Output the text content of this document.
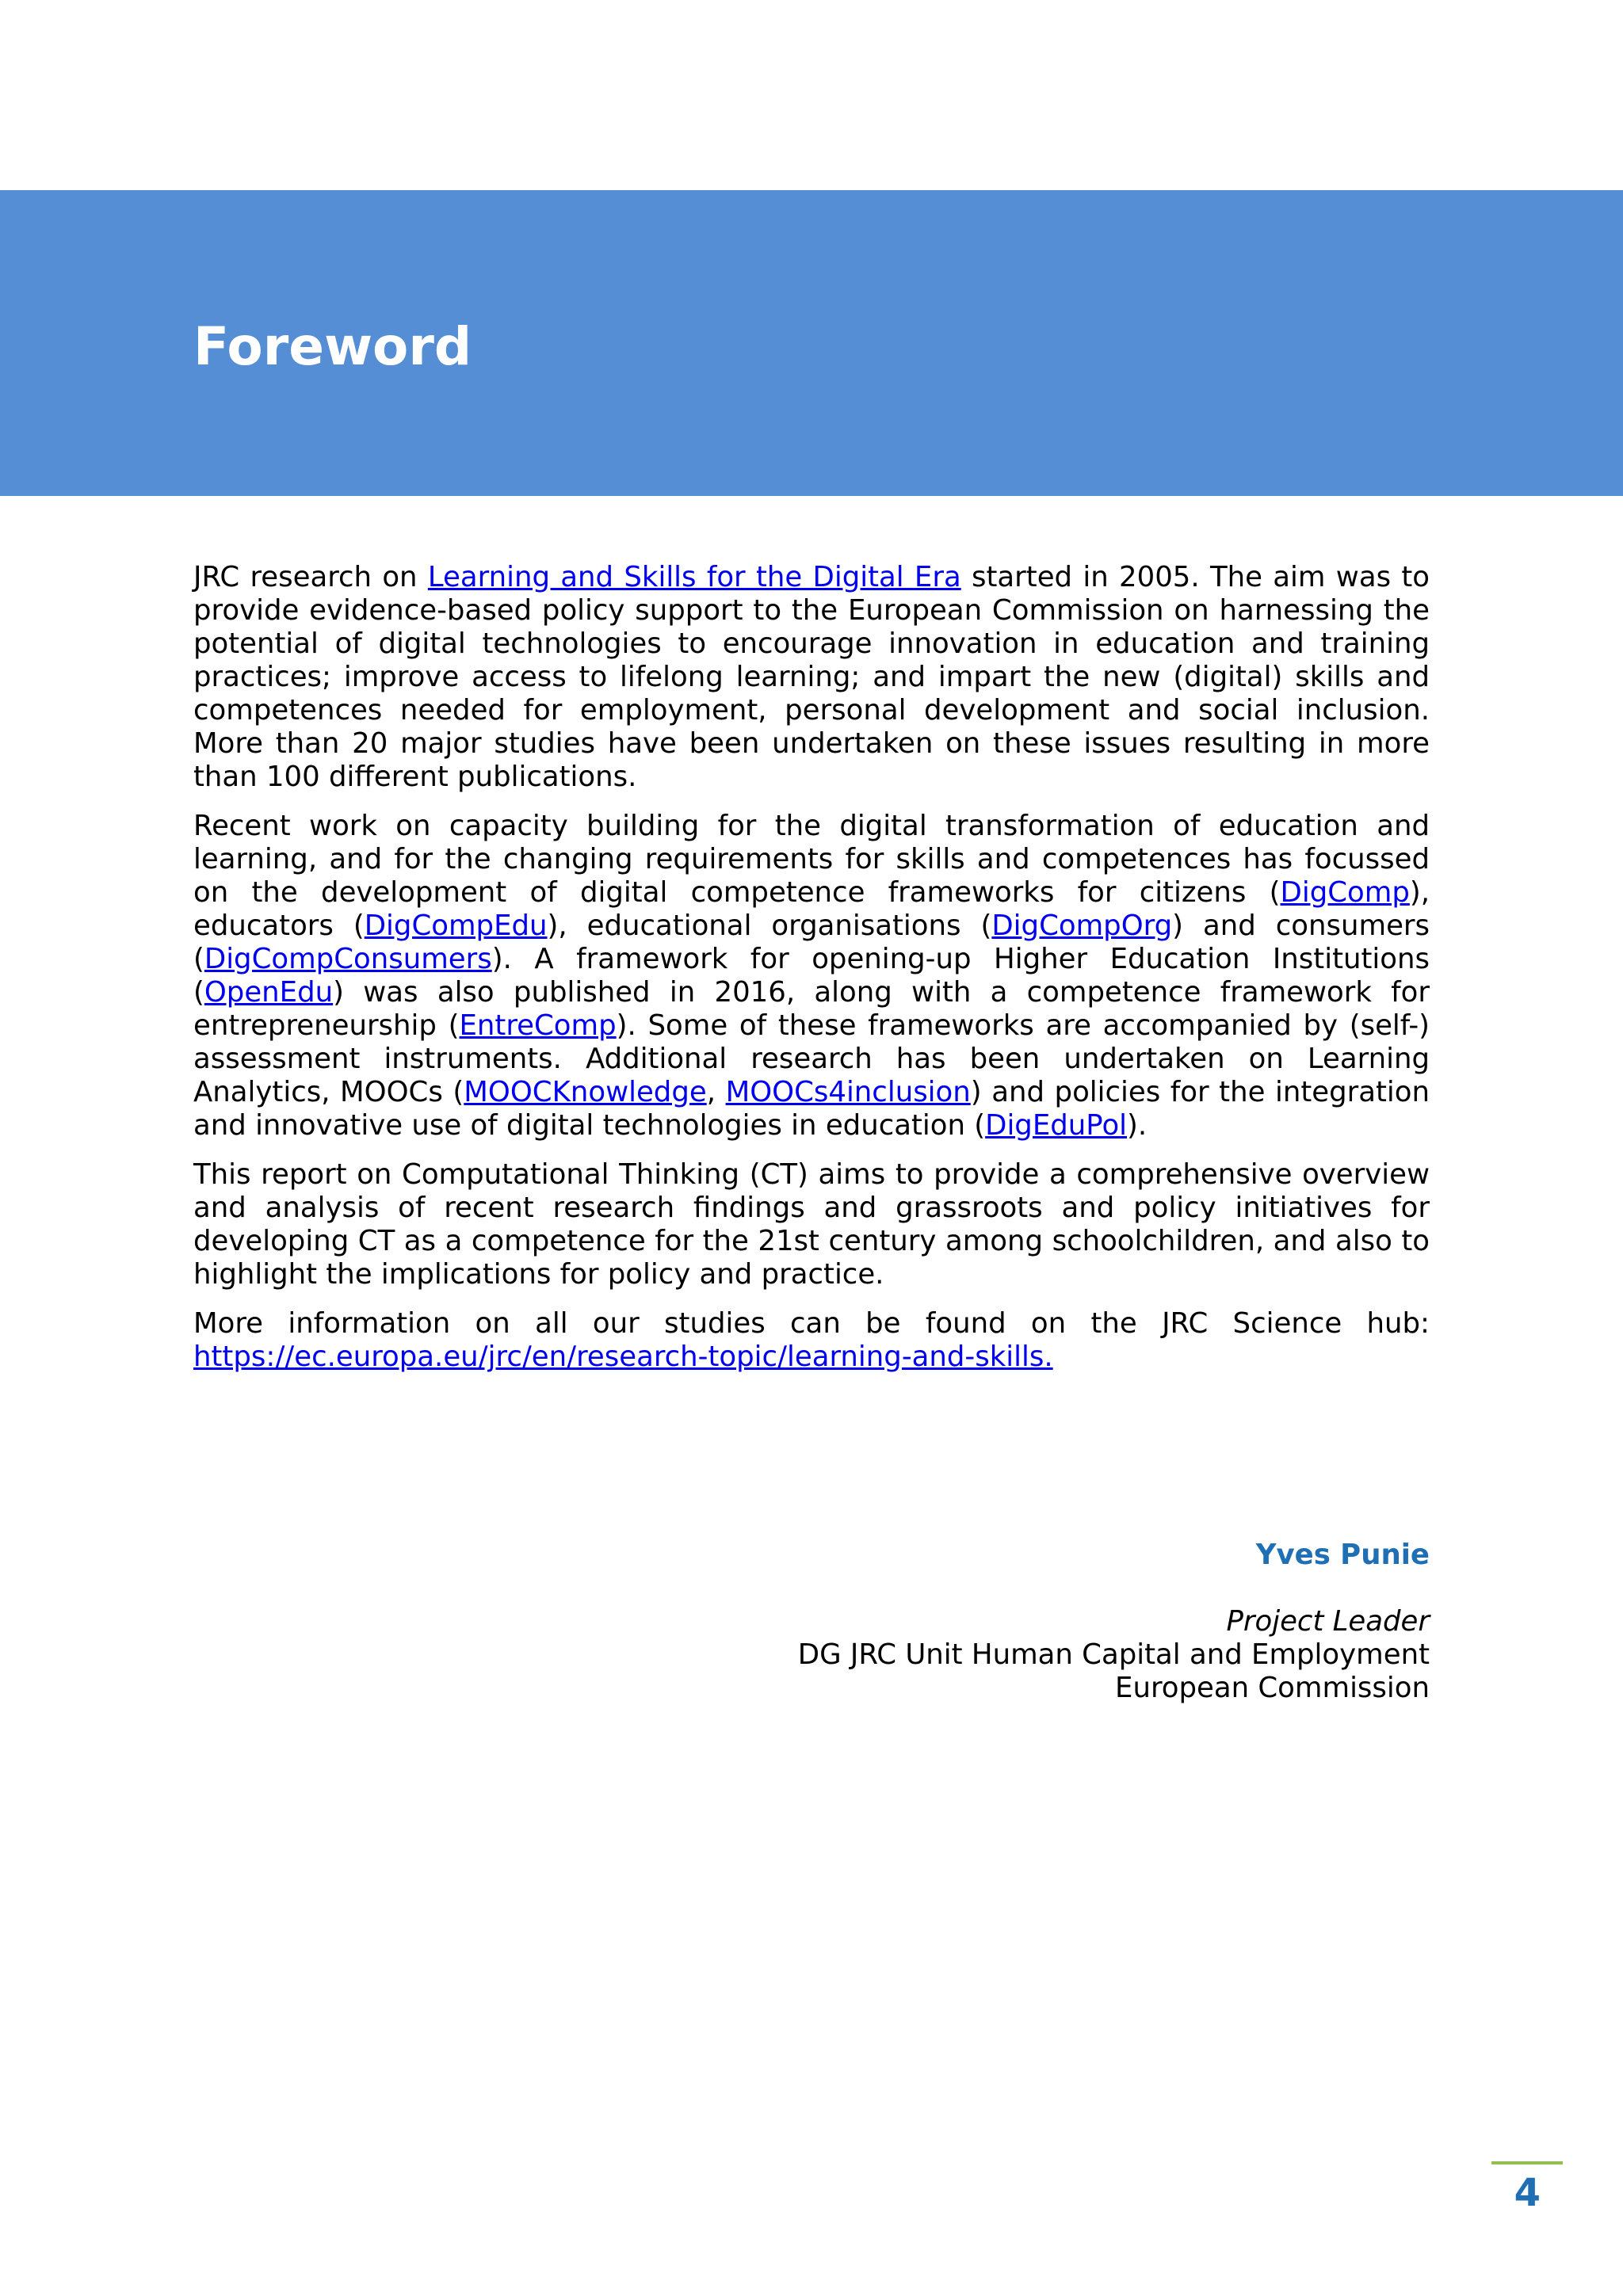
Foreword

JRC research on Learning and Skills for the Digital Era started in 2005. The aim was to provide evidence-based policy support to the European Commission on harnessing the potential of digital technologies to encourage innovation in education and training practices; improve access to lifelong learning; and impart the new (digital) skills and competences needed for employment, personal development and social inclusion. More than 20 major studies have been undertaken on these issues resulting in more than 100 different publications.

Recent work on capacity building for the digital transformation of education and learning, and for the changing requirements for skills and competences has focussed on the development of digital competence frameworks for citizens (DigComp), educators (DigCompEdu), educational organisations (DigCompOrg) and consumers (DigCompConsumers). A framework for opening-up Higher Education Institutions (OpenEdu) was also published in 2016, along with a competence framework for entrepreneurship (EntreComp). Some of these frameworks are accompanied by (self-) assessment instruments. Additional research has been undertaken on Learning Analytics, MOOCs (MOOCKnowledge, MOOCs4inclusion) and policies for the integration and innovative use of digital technologies in education (DigEduPol).

This report on Computational Thinking (CT) aims to provide a comprehensive overview and analysis of recent research findings and grassroots and policy initiatives for developing CT as a competence for the 21st century among schoolchildren, and also to highlight the implications for policy and practice.

More information on all our studies can be found on the JRC Science hub: https://ec.europa.eu/jrc/en/research-topic/learning-and-skills.

Yves Punie
Project Leader
DG JRC Unit Human Capital and Employment
European Commission
4
